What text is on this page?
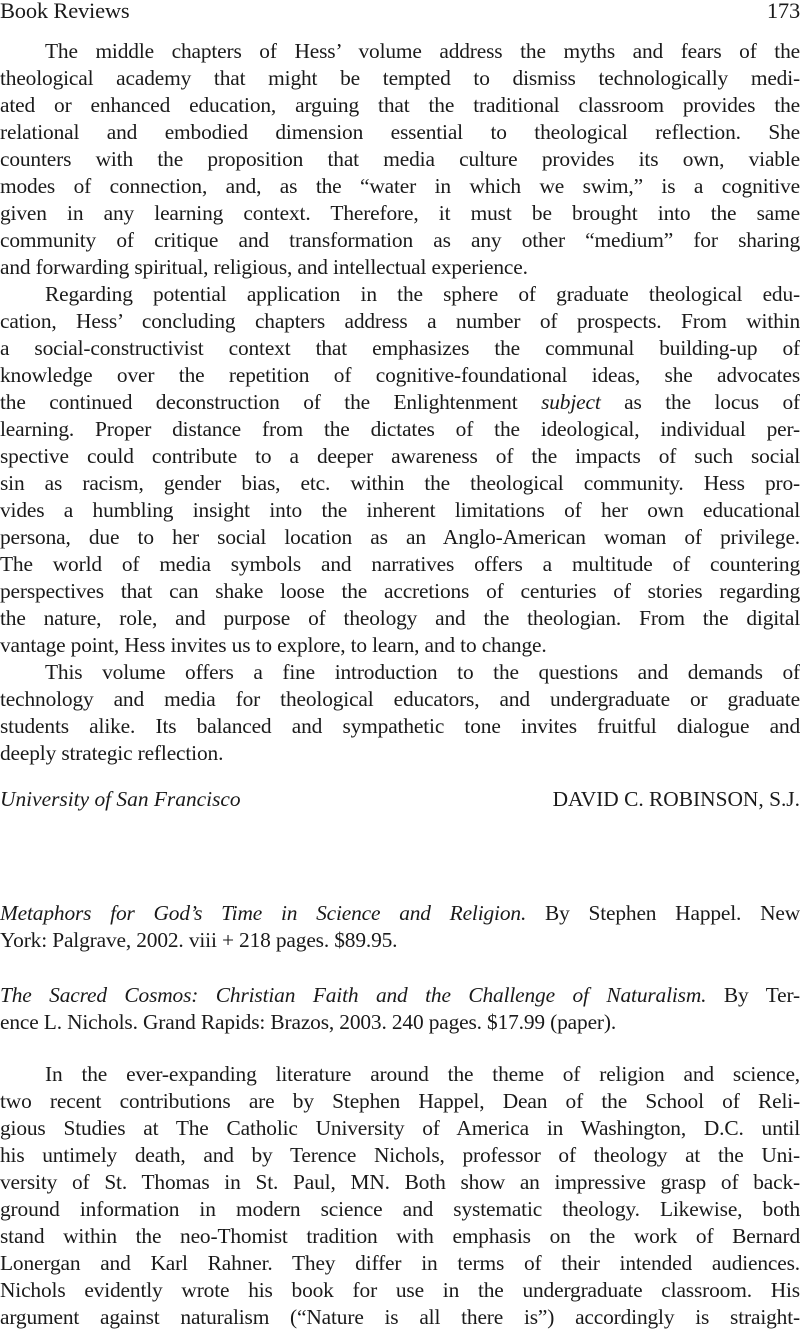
Book Reviews	173
The middle chapters of Hess’ volume address the myths and fears of the
theological academy that might be tempted to dismiss technologically medi-
ated or enhanced education, arguing that the traditional classroom provides the
relational and embodied dimension essential to theological reflection. She
counters with the proposition that media culture provides its own, viable
modes of connection, and, as the “water in which we swim,” is a cognitive
given in any learning context. Therefore, it must be brought into the same
community of critique and transformation as any other “medium” for sharing
and forwarding spiritual, religious, and intellectual experience.
Regarding potential application in the sphere of graduate theological edu-
cation, Hess’ concluding chapters address a number of prospects. From within
a social-constructivist context that emphasizes the communal building-up of
knowledge over the repetition of cognitive-foundational ideas, she advocates
the continued deconstruction of the Enlightenment subject as the locus of
learning. Proper distance from the dictates of the ideological, individual per-
spective could contribute to a deeper awareness of the impacts of such social
sin as racism, gender bias, etc. within the theological community. Hess pro-
vides a humbling insight into the inherent limitations of her own educational
persona, due to her social location as an Anglo-American woman of privilege.
The world of media symbols and narratives offers a multitude of countering
perspectives that can shake loose the accretions of centuries of stories regarding
the nature, role, and purpose of theology and the theologian. From the digital
vantage point, Hess invites us to explore, to learn, and to change.
This volume offers a fine introduction to the questions and demands of
technology and media for theological educators, and undergraduate or graduate
students alike. Its balanced and sympathetic tone invites fruitful dialogue and
deeply strategic reflection.
University of San Francisco	DAVID C. ROBINSON, S.J.
Metaphors for God’s Time in Science and Religion. By Stephen Happel. New
York: Palgrave, 2002. viii + 218 pages. $89.95.
The Sacred Cosmos: Christian Faith and the Challenge of Naturalism. By Ter-
ence L. Nichols. Grand Rapids: Brazos, 2003. 240 pages. $17.99 (paper).
In the ever-expanding literature around the theme of religion and science,
two recent contributions are by Stephen Happel, Dean of the School of Reli-
gious Studies at The Catholic University of America in Washington, D.C. until
his untimely death, and by Terence Nichols, professor of theology at the Uni-
versity of St. Thomas in St. Paul, MN. Both show an impressive grasp of back-
ground information in modern science and systematic theology. Likewise, both
stand within the neo-Thomist tradition with emphasis on the work of Bernard
Lonergan and Karl Rahner. They differ in terms of their intended audiences.
Nichols evidently wrote his book for use in the undergraduate classroom. His
argument against naturalism (“Nature is all there is”) accordingly is straight-
